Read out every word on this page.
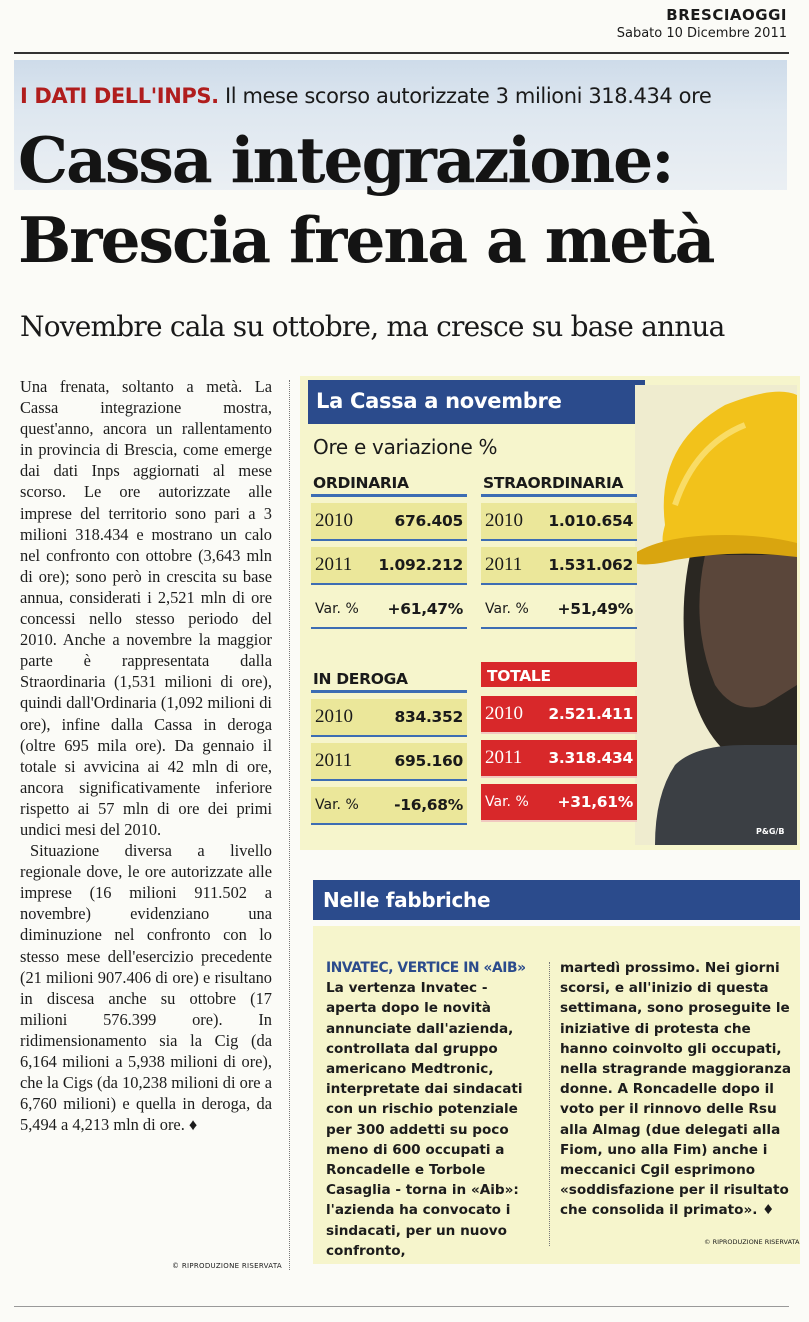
BRESCIAOGGI
Sabato 10 Dicembre 2011
I DATI DELL'INPS. Il mese scorso autorizzate 3 milioni 318.434 ore
Cassa integrazione:
Brescia frena a metà
Novembre cala su ottobre, ma cresce su base annua

Una frenata, soltanto a metà. La Cassa integrazione mostra, quest'anno, ancora un rallentamento in provincia di Brescia, come emerge dai dati Inps aggiornati al mese scorso. Le ore autorizzate alle imprese del territorio sono pari a 3 milioni 318.434 e mostrano un calo nel confronto con ottobre (3,643 mln di ore); sono però in crescita su base annua, considerati i 2,521 mln di ore concessi nello stesso periodo del 2010. Anche a novembre la maggior parte è rappresentata dalla Straordinaria (1,531 milioni di ore), quindi dall'Ordinaria (1,092 milioni di ore), infine dalla Cassa in deroga (oltre 695 mila ore). Da gennaio il totale si avvicina ai 42 mln di ore, ancora significativamente inferiore rispetto ai 57 mln di ore dei primi undici mesi del 2010.

Situazione diversa a livello regionale dove, le ore autorizzate alle imprese (16 milioni 911.502 a novembre) evidenziano una diminuzione nel confronto con lo stesso mese dell'esercizio precedente (21 milioni 907.406 di ore) e risultano in discesa anche su ottobre (17 milioni 576.399 ore). In ridimensionamento sia la Cig (da 6,164 milioni a 5,938 milioni di ore), che la Cigs (da 10,238 milioni di ore a 6,760 milioni) e quella in deroga, da 5,494 a 4,213 mln di ore. ♦

© RIPRODUZIONE RISERVATA
La Cassa a novembre
Ore e variazione %
P&G/B
ORDINARIA
2010	676.405
2011	1.092.212
Var. %	+61,47%
STRAORDINARIA
2010	1.010.654
2011	1.531.062
Var. %	+51,49%
IN DEROGA
2010	834.352
2011	695.160
Var. %	-16,68%
TOTALE
2010	2.521.411
2011	3.318.434
Var. %	+31,61%
Nelle fabbriche
INVATEC, VERTICE IN «AIB»
La vertenza Invatec - aperta dopo le novità annunciate dall'azienda, controllata dal gruppo americano Medtronic, interpretate dai sindacati con un rischio potenziale per 300 addetti su poco meno di 600 occupati a Roncadelle e Torbole Casaglia - torna in «Aib»: l'azienda ha convocato i sindacati, per un nuovo confronto,
martedì prossimo. Nei giorni scorsi, e all'inizio di questa settimana, sono proseguite le iniziative di protesta che hanno coinvolto gli occupati, nella stragrande maggioranza donne. A Roncadelle dopo il voto per il rinnovo delle Rsu alla Almag (due delegati alla Fiom, uno alla Fim) anche i meccanici Cgil esprimono «soddisfazione per il risultato che consolida il primato». ♦
© RIPRODUZIONE RISERVATA
